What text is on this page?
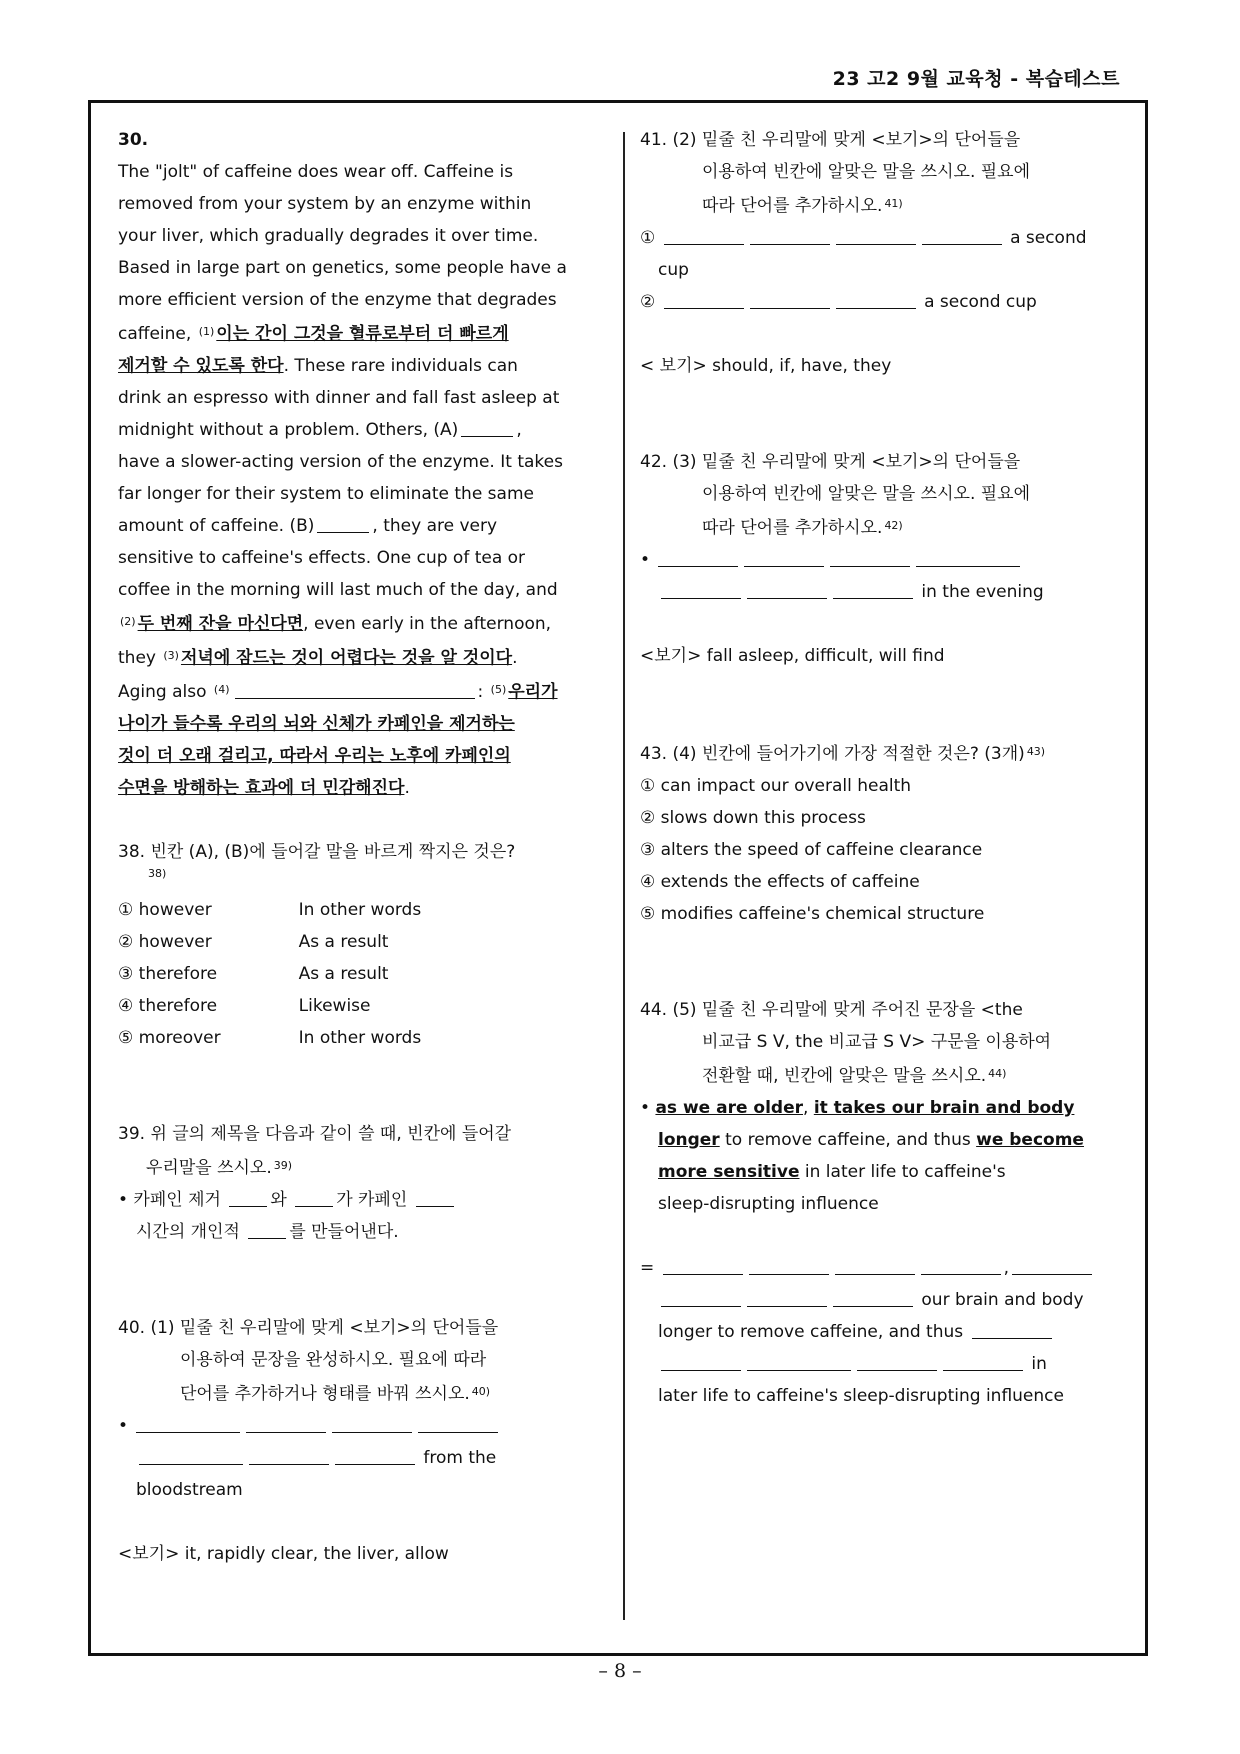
23 고2 9월 교육청 - 복습테스트
30.
The "jolt" of caffeine does wear off. Caffeine is
removed from your system by an enzyme within
your liver, which gradually degrades it over time.
Based in large part on genetics, some people have a
more efficient version of the enzyme that degrades
caffeine, $^{(1)}$ 이는 간이 그것을 혈류로부터 더 빠르게
제거할 수 있도록 한다. These rare individuals can
drink an espresso with dinner and fall fast asleep at
midnight without a problem. Others, (A)	,
have a slower-acting version of the enzyme. It takes
far longer for their system to eliminate the same
amount of caffeine. (B)	, they are very
sensitive to caffeine's effects. One cup of tea or
coffee in the morning will last much of the day, and
$^{(2)}$ 두 번째 잔을 마신다면, even early in the afternoon,
they $^{(3)}$ 저녁에 잠드는 것이 어렵다는 것을 알 것이다.
Aging also $^{(4)}$	: $^{(5)}$ 우리가
나이가 들수록 우리의 뇌와 신체가 카페인을 제거하는
것이 더 오래 걸리고, 따라서 우리는 노후에 카페인의
수면을 방해하는 효과에 더 민감해진다.
38. 빈칸 (A), (B)에 들어갈 말을 바르게 짝지은 것은?
$^{38)}$
① however	In other words
② however	As a result
③ therefore	As a result
④ therefore	Likewise
⑤ moreover	In other words
39. 위 글의 제목을 다음과 같이 쓸 때, 빈칸에 들어갈
우리말을 쓰시오. $^{39)}$
• 카페인 제거	와	가 카페인
시간의 개인적	를 만들어낸다.
40. (1) 밑줄 친 우리말에 맞게 <보기>의 단어들을
이용하여 문장을 완성하시오. 필요에 따라
단어를 추가하거나 형태를 바꿔 쓰시오. $^{40)}$
•
from the
bloodstream
<보기> it, rapidly clear, the liver, allow
41. (2) 밑줄 친 우리말에 맞게 <보기>의 단어들을
이용하여 빈칸에 알맞은 말을 쓰시오. 필요에
따라 단어를 추가하시오. $^{41)}$
①	a second
cup
②	a second cup
< 보기> should, if, have, they
42. (3) 밑줄 친 우리말에 맞게 <보기>의 단어들을
이용하여 빈칸에 알맞은 말을 쓰시오. 필요에
따라 단어를 추가하시오. $^{42)}$
•
in the evening
<보기> fall asleep, difficult, will find
43. (4) 빈칸에 들어가기에 가장 적절한 것은? (3개) $^{43)}$
① can impact our overall health
② slows down this process
③ alters the speed of caffeine clearance
④ extends the effects of caffeine
⑤ modifies caffeine's chemical structure
44. (5) 밑줄 친 우리말에 맞게 주어진 문장을 <the
비교급 S V, the 비교급 S V> 구문을 이용하여
전환할 때, 빈칸에 알맞은 말을 쓰시오. $^{44)}$
• as we are older, it takes our brain and body
longer to remove caffeine, and thus we become
more sensitive in later life to caffeine's
sleep-disrupting influence
=	,
our brain and body
longer to remove caffeine, and thus
in
later life to caffeine's sleep-disrupting influence
– 8 –
